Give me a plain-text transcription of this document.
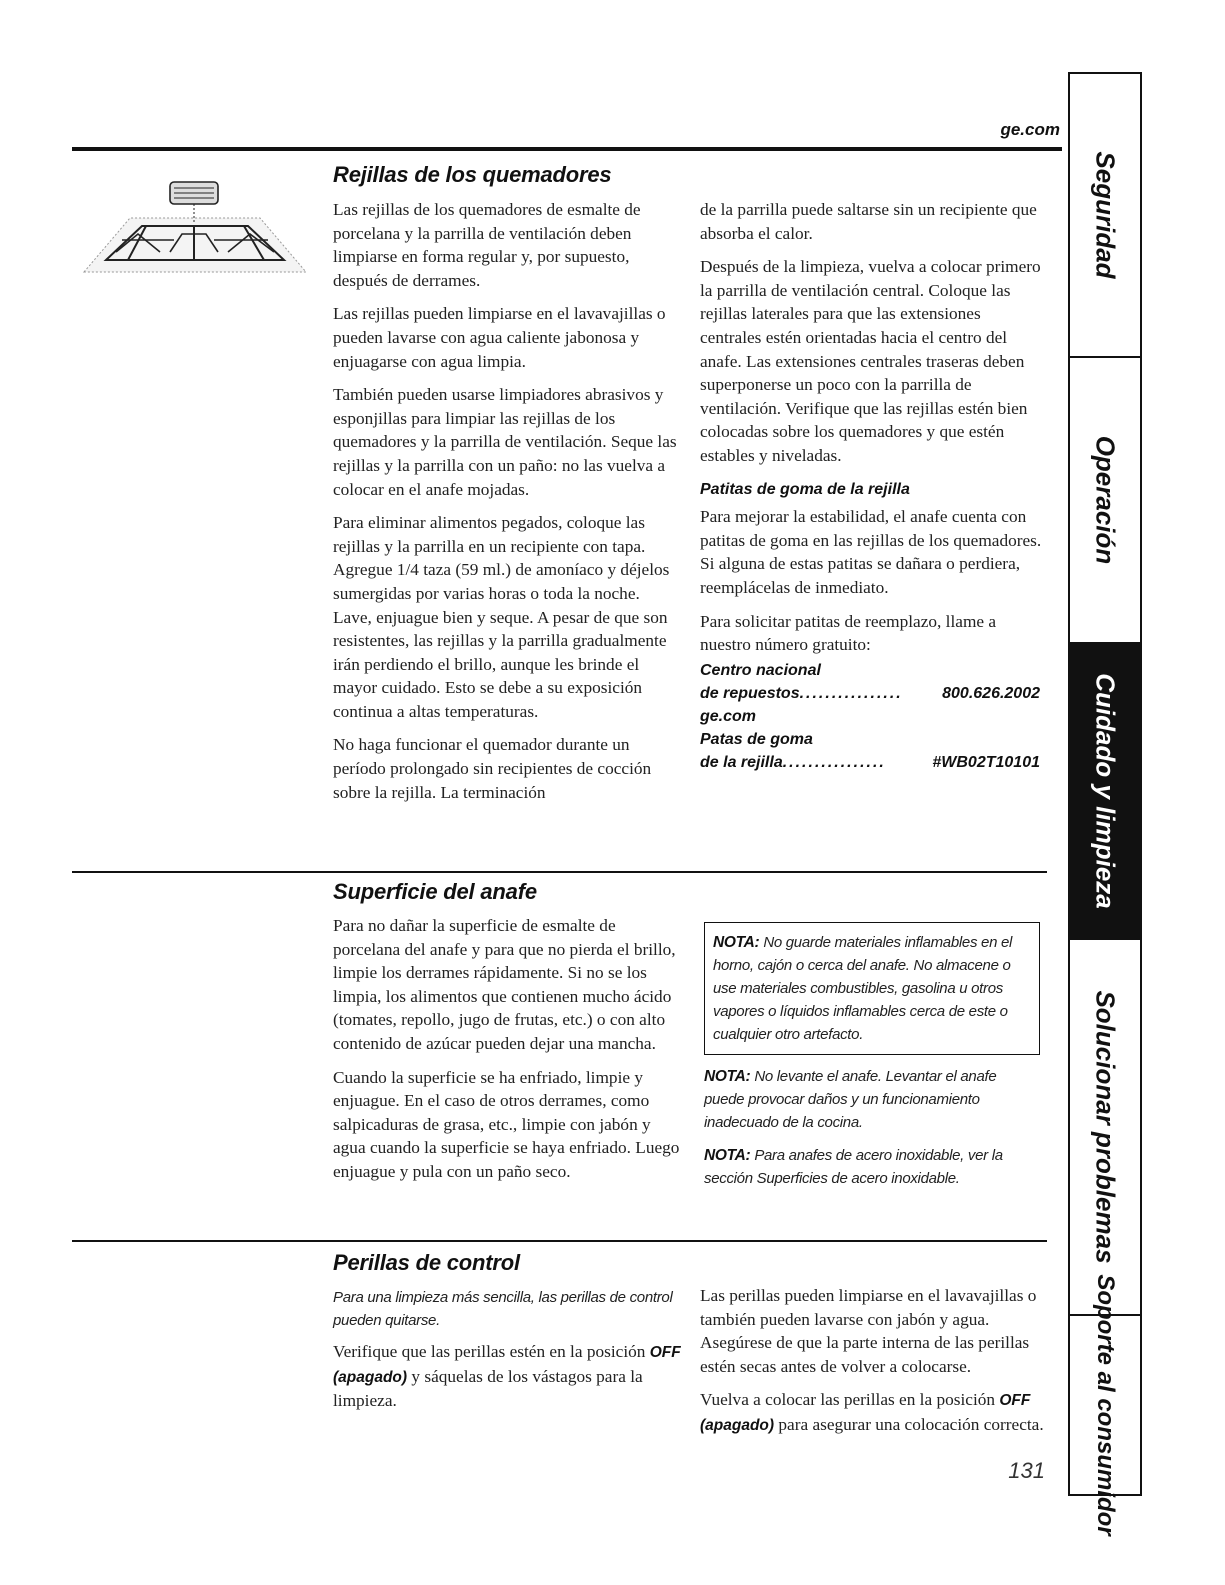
ge.com
Rejillas de los quemadores

Las rejillas de los quemadores de esmalte de porcelana y la parrilla de ventilación deben limpiarse en forma regular y, por supuesto, después de derrames.

Las rejillas pueden limpiarse en el lavavajillas o pueden lavarse con agua caliente jabonosa y enjuagarse con agua limpia.

También pueden usarse limpiadores abrasivos y esponjillas para limpiar las rejillas de los quemadores y la parrilla de ventilación. Seque las rejillas y la parrilla con un paño: no las vuelva a colocar en el anafe mojadas.

Para eliminar alimentos pegados, coloque las rejillas y la parrilla en un recipiente con tapa. Agregue 1/4 taza (59 ml.) de amoníaco y déjelos sumergidas por varias horas o toda la noche. Lave, enjuague bien y seque. A pesar de que son resistentes, las rejillas y la parrilla gradualmente irán perdiendo el brillo, aunque les brinde el mayor cuidado. Esto se debe a su exposición continua a altas temperaturas.

No haga funcionar el quemador durante un período prolongado sin recipientes de cocción sobre la rejilla. La terminación

de la parrilla puede saltarse sin un recipiente que absorba el calor.

Después de la limpieza, vuelva a colocar primero la parrilla de ventilación central. Coloque las rejillas laterales para que las extensiones centrales estén orientadas hacia el centro del anafe. Las extensiones centrales traseras deben superponerse un poco con la parrilla de ventilación. Verifique que las rejillas estén bien colocadas sobre los quemadores y que estén estables y niveladas.

Patitas de goma de la rejilla

Para mejorar la estabilidad, el anafe cuenta con patitas de goma en las rejillas de los quemadores. Si alguna de estas patitas se dañara o perdiera, reemplácelas de inmediato.

Para solicitar patitas de reemplazo, llame a nuestro número gratuito:

Centro nacional
de repuestos ................	800.626.2002
ge.com
Patas de goma
de la rejilla ................	#WB02T10101
Superficie del anafe

Para no dañar la superficie de esmalte de porcelana del anafe y para que no pierda el brillo, limpie los derrames rápidamente. Si no se los limpia, los alimentos que contienen mucho ácido (tomates, repollo, jugo de frutas, etc.) o con alto contenido de azúcar pueden dejar una mancha.

Cuando la superficie se ha enfriado, limpie y enjuague. En el caso de otros derrames, como salpicaduras de grasa, etc., limpie con jabón y agua cuando la superficie se haya enfriado. Luego enjuague y pula con un paño seco.

NOTA: No guarde materiales inflamables en el horno, cajón o cerca del anafe. No almacene o use materiales combustibles, gasolina u otros vapores o líquidos inflamables cerca de este o cualquier otro artefacto.
NOTA: No levante el anafe. Levantar el anafe puede provocar daños y un funcionamiento inadecuado de la cocina.
NOTA: Para anafes de acero inoxidable, ver la sección Superficies de acero inoxidable.
Perillas de control
Para una limpieza más sencilla, las perillas de control pueden quitarse.
Verifique que las perillas estén en la posición OFF (apagado) y sáquelas de los vástagos para la limpieza.

Las perillas pueden limpiarse en el lavavajillas o también pueden lavarse con jabón y agua. Asegúrese de que la parte interna de las perillas estén secas antes de volver a colocarse.

Vuelva a colocar las perillas en la posición OFF (apagado) para asegurar una colocación correcta.

131
Seguridad
Operación
Cuidado y limpieza
Solucionar problemas
Soporte al consumidor
